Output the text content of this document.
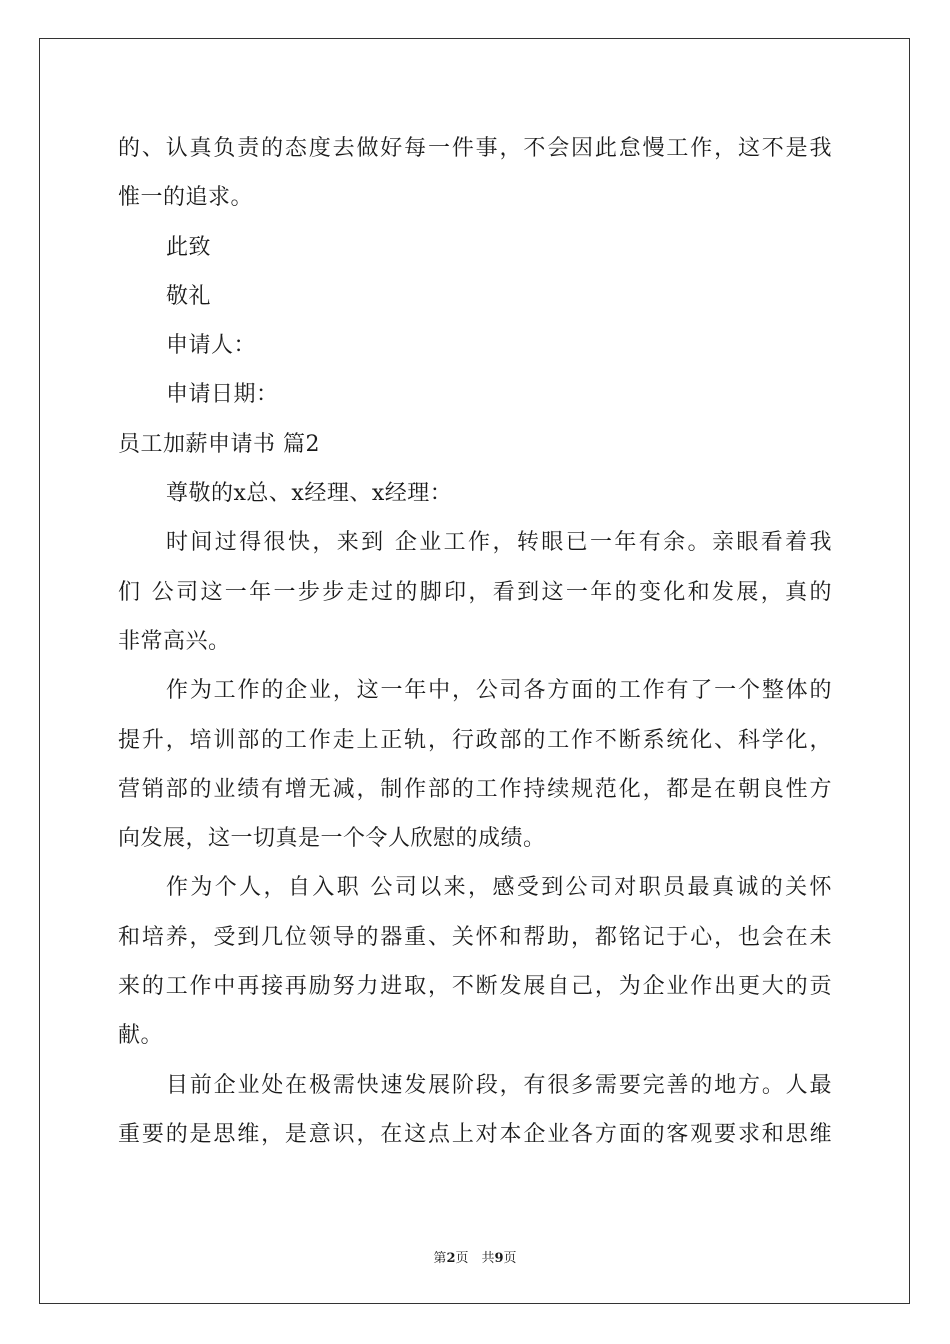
的、认真负责的态度去做好每一件事，不会因此怠慢工作，这不是我
惟一的追求。
此致
敬礼
申请人：
申请日期：
员工加薪申请书 篇2
尊敬的x总、x经理、x经理：
时间过得很快，来到 企业工作，转眼已一年有余。亲眼看着我
们 公司这一年一步步走过的脚印，看到这一年的变化和发展，真的
非常高兴。
作为工作的企业，这一年中，公司各方面的工作有了一个整体的
提升，培训部的工作走上正轨，行政部的工作不断系统化、科学化，
营销部的业绩有增无减，制作部的工作持续规范化，都是在朝良性方
向发展，这一切真是一个令人欣慰的成绩。
作为个人，自入职 公司以来，感受到公司对职员最真诚的关怀
和培养，受到几位领导的器重、关怀和帮助，都铭记于心，也会在未
来的工作中再接再励努力进取，不断发展自己，为企业作出更大的贡
献。
目前企业处在极需快速发展阶段，有很多需要完善的地方。人最
重要的是思维，是意识，在这点上对本企业各方面的客观要求和思维
第2页　共9页
